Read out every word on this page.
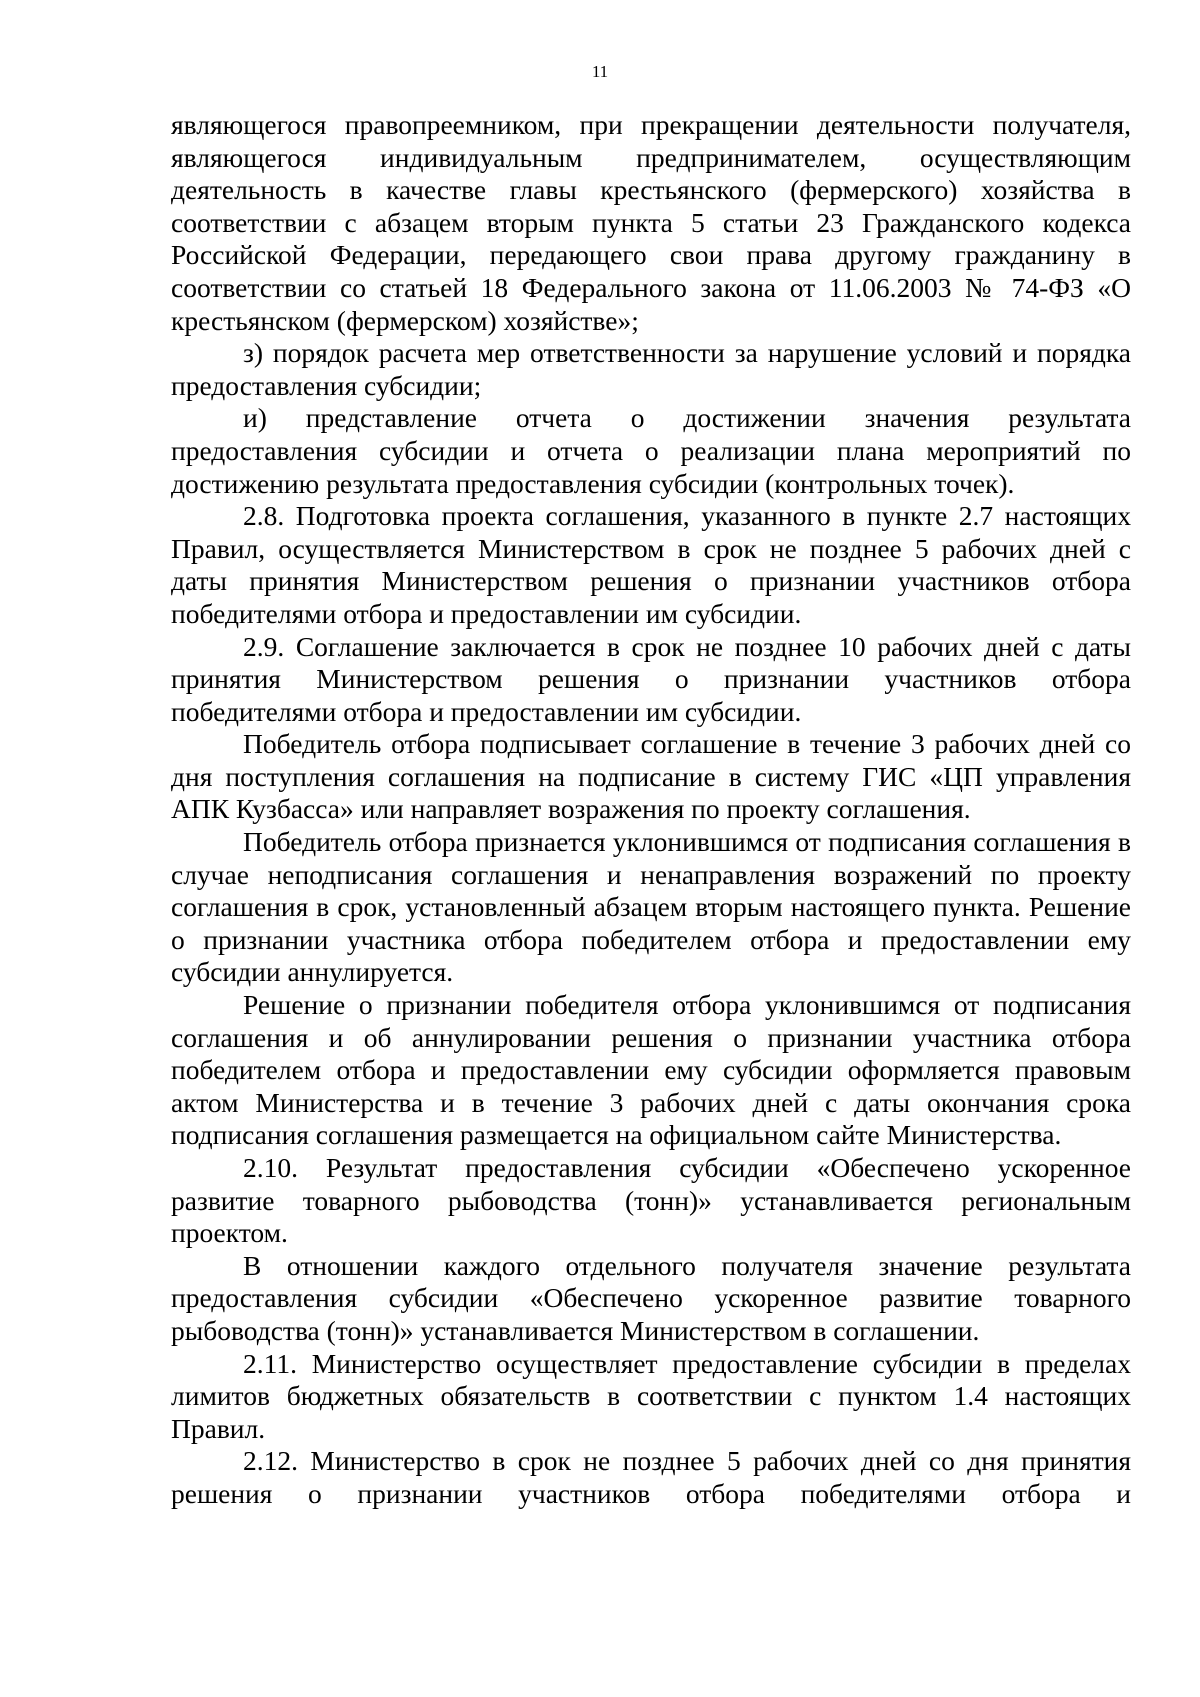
11

являющегося правопреемником, при прекращении деятельности получателя, являющегося индивидуальным предпринимателем, осуществляющим деятельность в качестве главы крестьянского (фермерского) хозяйства в соответствии с абзацем вторым пункта 5 статьи 23 Гражданского кодекса Российской Федерации, передающего свои права другому гражданину в соответствии со статьей 18 Федерального закона от 11.06.2003 № 74-ФЗ «О крестьянском (фермерском) хозяйстве»;

з) порядок расчета мер ответственности за нарушение условий и порядка предоставления субсидии;

и) представление отчета о достижении значения результата предоставления субсидии и отчета о реализации плана мероприятий по достижению результата предоставления субсидии (контрольных точек).

2.8. Подготовка проекта соглашения, указанного в пункте 2.7 настоящих Правил, осуществляется Министерством в срок не позднее 5 рабочих дней с даты принятия Министерством решения о признании участников отбора победителями отбора и предоставлении им субсидии.

2.9. Соглашение заключается в срок не позднее 10 рабочих дней с даты принятия Министерством решения о признании участников отбора победителями отбора и предоставлении им субсидии.

Победитель отбора подписывает соглашение в течение 3 рабочих дней со дня поступления соглашения на подписание в систему ГИС «ЦП управления АПК Кузбасса» или направляет возражения по проекту соглашения.

Победитель отбора признается уклонившимся от подписания соглашения в случае неподписания соглашения и ненаправления возражений по проекту соглашения в срок, установленный абзацем вторым настоящего пункта. Решение о признании участника отбора победителем отбора и предоставлении ему субсидии аннулируется.

Решение о признании победителя отбора уклонившимся от подписания соглашения и об аннулировании решения о признании участника отбора победителем отбора и предоставлении ему субсидии оформляется правовым актом Министерства и в течение 3 рабочих дней с даты окончания срока подписания соглашения размещается на официальном сайте Министерства.

2.10. Результат предоставления субсидии «Обеспечено ускоренное развитие товарного рыбоводства (тонн)» устанавливается региональным проектом.

В отношении каждого отдельного получателя значение результата предоставления субсидии «Обеспечено ускоренное развитие товарного рыбоводства (тонн)» устанавливается Министерством в соглашении.

2.11. Министерство осуществляет предоставление субсидии в пределах лимитов бюджетных обязательств в соответствии с пунктом 1.4 настоящих Правил.

2.12. Министерство в срок не позднее 5 рабочих дней со дня принятия решения о признании участников отбора победителями отбора и
